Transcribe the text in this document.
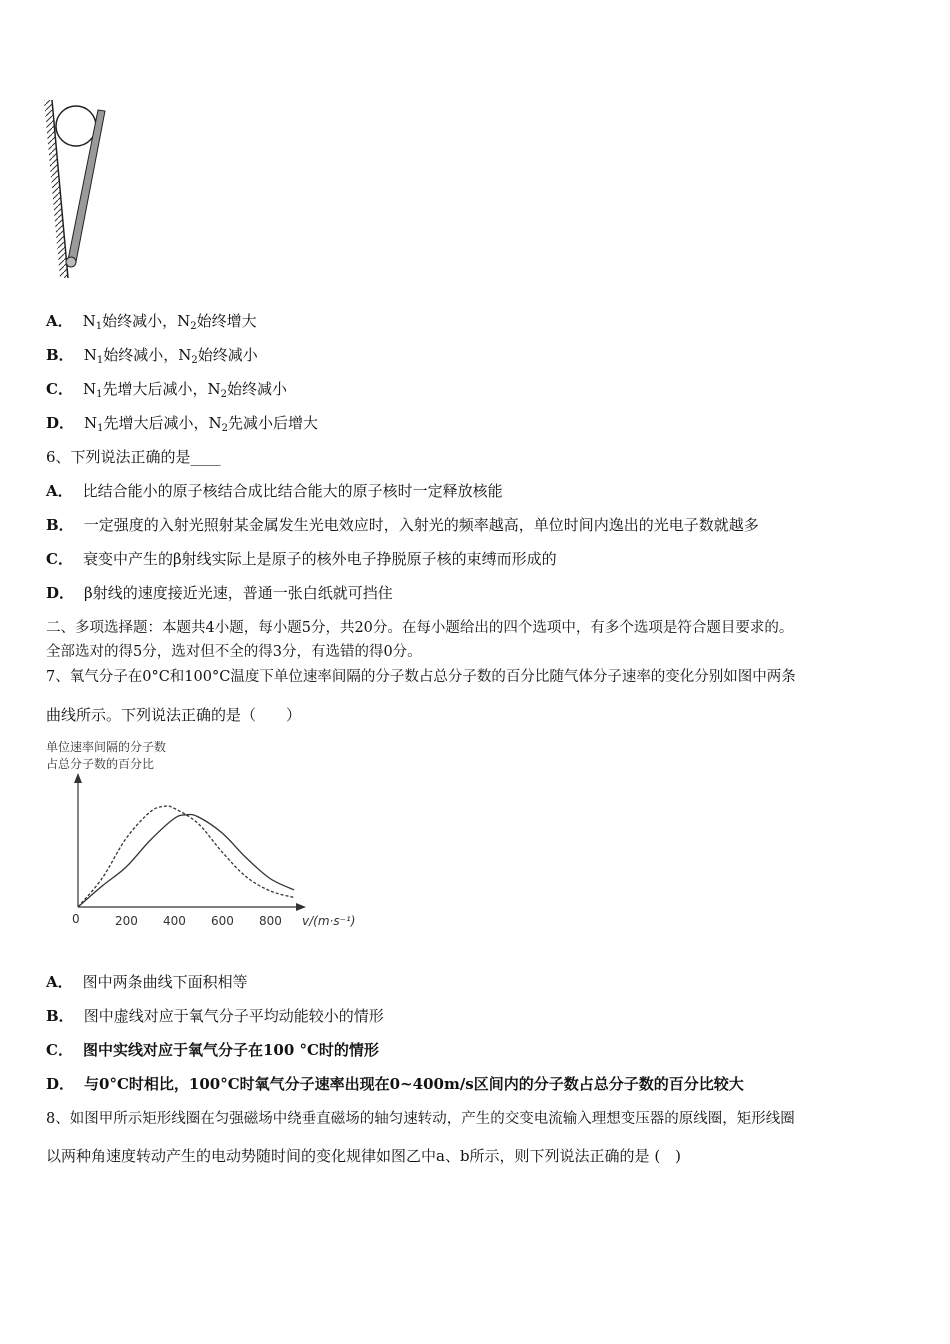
A． $N_1$始终减小，$N_2$始终增大
B． $N_1$始终减小，$N_2$始终减小
C． $N_1$先增大后减小，$N_2$始终减小
D． $N_1$先增大后减小，$N_2$先减小后增大
6、下列说法正确的是____
A． 比结合能小的原子核结合成比结合能大的原子核时一定释放核能
B． 一定强度的入射光照射某金属发生光电效应时，入射光的频率越高，单位时间内逸出的光电子数就越多
C． 衰变中产生的β射线实际上是原子的核外电子挣脱原子核的束缚而形成的
D． β射线的速度接近光速，普通一张白纸就可挡住
二、多项选择题：本题共4小题，每小题5分，共20分。在每小题给出的四个选项中，有多个选项是符合题目要求的。
全部选对的得5分，选对但不全的得3分，有选错的得0分。
7、氧气分子在0°C和100°C温度下单位速率间隔的分子数占总分子数的百分比随气体分子速率的变化分别如图中两条
曲线所示。下列说法正确的是（　　）
单位速率间隔的分子数
占总分子数的百分比
0	200 400 600 800 v/(m·s⁻¹)
A． 图中两条曲线下面积相等
B． 图中虚线对应于氧气分子平均动能较小的情形
C． 图中实线对应于氧气分子在100 °C时的情形
D． 与0°C时相比，100°C时氧气分子速率出现在0~400m/s区间内的分子数占总分子数的百分比较大
8、如图甲所示矩形线圈在匀强磁场中绕垂直磁场的轴匀速转动，产生的交变电流输入理想变压器的原线圈，矩形线圈
以两种角速度转动产生的电动势随时间的变化规律如图乙中a、b所示，则下列说法正确的是 (　)
